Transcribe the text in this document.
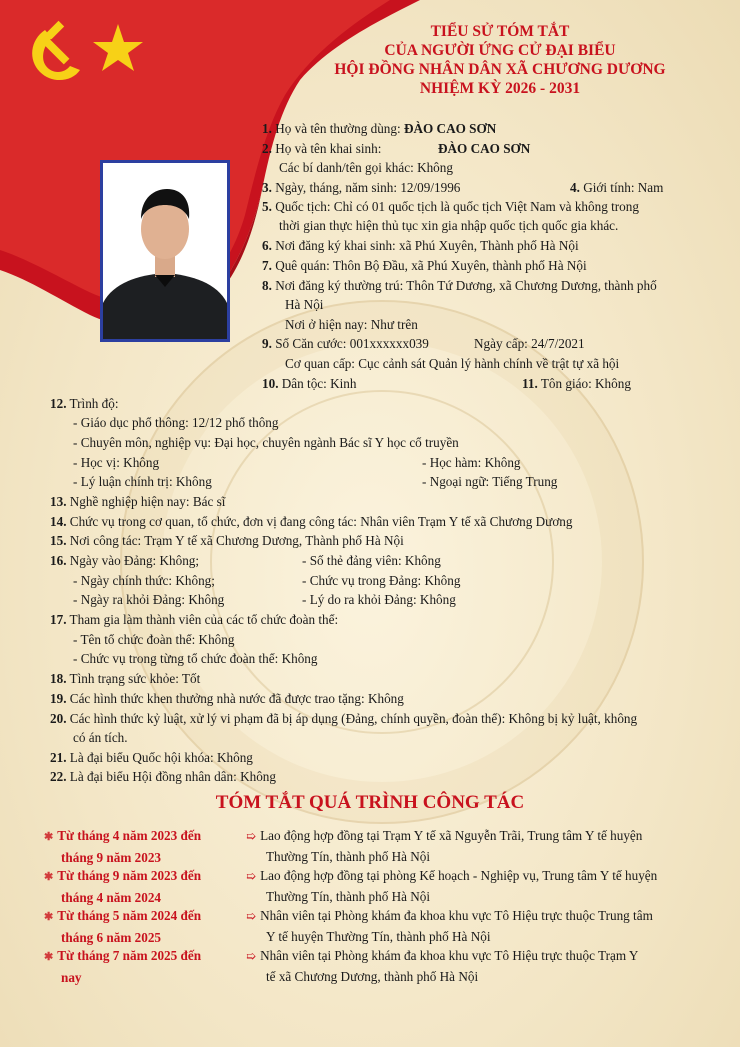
TIỂU SỬ TÓM TẮT
CỦA NGƯỜI ỨNG CỬ ĐẠI BIỂU
HỘI ĐỒNG NHÂN DÂN XÃ CHƯƠNG DƯƠNG
NHIỆM KỲ 2026 - 2031
1. Họ và tên thường dùng: ĐÀO CAO SƠN
2. Họ và tên khai sinh:	ĐÀO CAO SƠN
Các bí danh/tên gọi khác: Không
3. Ngày, tháng, năm sinh: 12/09/1996	4. Giới tính: Nam
5. Quốc tịch: Chỉ có 01 quốc tịch là quốc tịch Việt Nam và không trong
thời gian thực hiện thủ tục xin gia nhập quốc tịch quốc gia khác.
6. Nơi đăng ký khai sinh: xã Phú Xuyên, Thành phố Hà Nội
7. Quê quán: Thôn Bộ Đầu, xã Phú Xuyên, thành phố Hà Nội
8. Nơi đăng ký thường trú: Thôn Tứ Dương, xã Chương Dương, thành phố
Hà Nội
Nơi ở hiện nay: Như trên
9. Số Căn cước: 001xxxxxx039	Ngày cấp: 24/7/2021
Cơ quan cấp: Cục cảnh sát Quản lý hành chính về trật tự xã hội
10. Dân tộc: Kinh	11. Tôn giáo: Không
12. Trình độ:
- Giáo dục phổ thông: 12/12 phổ thông
- Chuyên môn, nghiệp vụ: Đại học, chuyên ngành Bác sĩ Y học cổ truyền
- Học vị: Không	- Học hàm: Không
- Lý luận chính trị: Không	- Ngoại ngữ: Tiếng Trung
13. Nghề nghiệp hiện nay: Bác sĩ
14. Chức vụ trong cơ quan, tổ chức, đơn vị đang công tác: Nhân viên Trạm Y tế xã Chương Dương
15. Nơi công tác: Trạm Y tế xã Chương Dương, Thành phố Hà Nội
16. Ngày vào Đảng: Không;	- Số thẻ đảng viên: Không
- Ngày chính thức: Không;	- Chức vụ trong Đảng: Không
- Ngày ra khỏi Đảng: Không	- Lý do ra khỏi Đảng: Không
17. Tham gia làm thành viên của các tổ chức đoàn thể:
- Tên tổ chức đoàn thể: Không
- Chức vụ trong từng tổ chức đoàn thể: Không
18. Tình trạng sức khỏe: Tốt
19. Các hình thức khen thưởng nhà nước đã được trao tặng: Không
20. Các hình thức kỷ luật, xử lý vi phạm đã bị áp dụng (Đảng, chính quyền, đoàn thể): Không bị kỷ luật, không
có án tích.
21. Là đại biểu Quốc hội khóa: Không
22. Là đại biểu Hội đồng nhân dân: Không
TÓM TẮT QUÁ TRÌNH CÔNG TÁC
✱ Từ tháng 4 năm 2023 đến
tháng 9 năm 2023
➯ Lao động hợp đồng tại Trạm Y tế xã Nguyễn Trãi, Trung tâm Y tế huyện
Thường Tín, thành phố Hà Nội
✱ Từ tháng 9 năm 2023 đến
tháng 4 năm 2024
➯ Lao động hợp đồng tại phòng Kế hoạch - Nghiệp vụ, Trung tâm Y tế huyện
Thường Tín, thành phố Hà Nội
✱ Từ tháng 5 năm 2024 đến
tháng 6 năm 2025
➯ Nhân viên tại Phòng khám đa khoa khu vực Tô Hiệu trực thuộc Trung tâm
Y tế huyện Thường Tín, thành phố Hà Nội
✱ Từ tháng 7 năm 2025 đến
nay
➯ Nhân viên tại Phòng khám đa khoa khu vực Tô Hiệu trực thuộc Trạm Y
tế xã Chương Dương, thành phố Hà Nội
